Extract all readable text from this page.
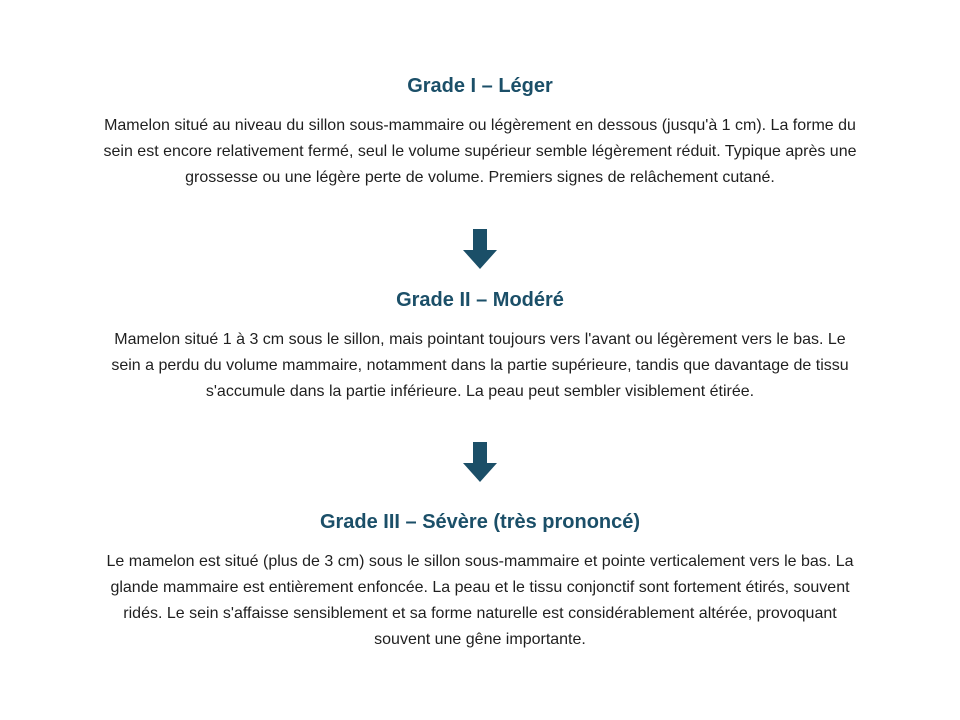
Grade I – Léger

Mamelon situé au niveau du sillon sous-mammaire ou légèrement en dessous (jusqu'à 1 cm). La forme du sein est encore relativement fermé, seul le volume supérieur semble légèrement réduit. Typique après une grossesse ou une légère perte de volume. Premiers signes de relâchement cutané.

Grade II – Modéré

Mamelon situé 1 à 3 cm sous le sillon, mais pointant toujours vers l'avant ou légèrement vers le bas. Le sein a perdu du volume mammaire, notamment dans la partie supérieure, tandis que davantage de tissu s'accumule dans la partie inférieure. La peau peut sembler visiblement étirée.

Grade III – Sévère (très prononcé)

Le mamelon est situé (plus de 3 cm) sous le sillon sous-mammaire et pointe verticalement vers le bas. La glande mammaire est entièrement enfoncée. La peau et le tissu conjonctif sont fortement étirés, souvent ridés. Le sein s'affaisse sensiblement et sa forme naturelle est considérablement altérée, provoquant souvent une gêne importante.
